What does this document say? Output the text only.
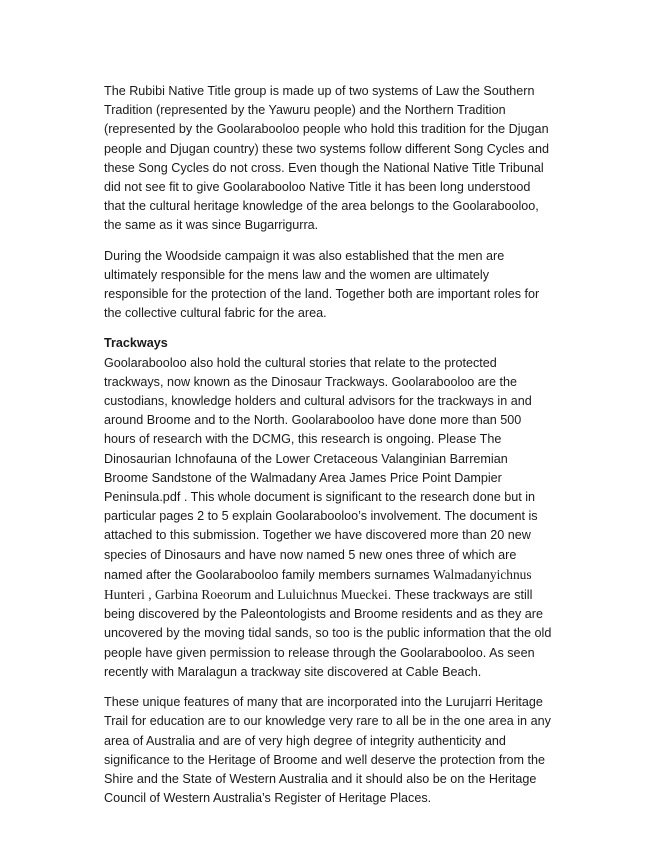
The Rubibi Native Title group is made up of two systems of Law the Southern Tradition (represented by the Yawuru people) and the Northern Tradition (represented by the Goolarabooloo people who hold this tradition for the Djugan people and Djugan country) these two systems follow different Song Cycles and these Song Cycles do not cross. Even though the National Native Title Tribunal did not see fit to give Goolarabooloo Native Title it has been long understood that the cultural heritage knowledge of the area belongs to the Goolarabooloo, the same as it was since Bugarrigurra.

During the Woodside campaign it was also established that the men are ultimately responsible for the mens law and the women are ultimately responsible for the protection of the land. Together both are important roles for the collective cultural fabric for the area.

Trackways

Goolarabooloo also hold the cultural stories that relate to the protected trackways, now known as the Dinosaur Trackways. Goolarabooloo are the custodians, knowledge holders and cultural advisors for the trackways in and around Broome and to the North. Goolarabooloo have done more than 500 hours of research with the DCMG, this research is ongoing. Please The Dinosaurian Ichnofauna of the Lower Cretaceous Valanginian Barremian Broome Sandstone of the Walmadany Area James Price Point Dampier Peninsula.pdf . This whole document is significant to the research done but in particular pages 2 to 5 explain Goolarabooloo’s involvement. The document is attached to this submission. Together we have discovered more than 20 new species of Dinosaurs and have now named 5 new ones three of which are named after the Goolarabooloo family members surnames Walmadanyichnus Hunteri , Garbina Roeorum and Luluichnus Mueckei. These trackways are still being discovered by the Paleontologists and Broome residents and as they are uncovered by the moving tidal sands, so too is the public information that the old people have given permission to release through the Goolarabooloo. As seen recently with Maralagun a trackway site discovered at Cable Beach.

These unique features of many that are incorporated into the Lurujarri Heritage Trail for education are to our knowledge very rare to all be in the one area in any area of Australia and are of very high degree of integrity authenticity and significance to the Heritage of Broome and well deserve the protection from the Shire and the State of Western Australia and it should also be on the Heritage Council of Western Australia’s Register of Heritage Places.
